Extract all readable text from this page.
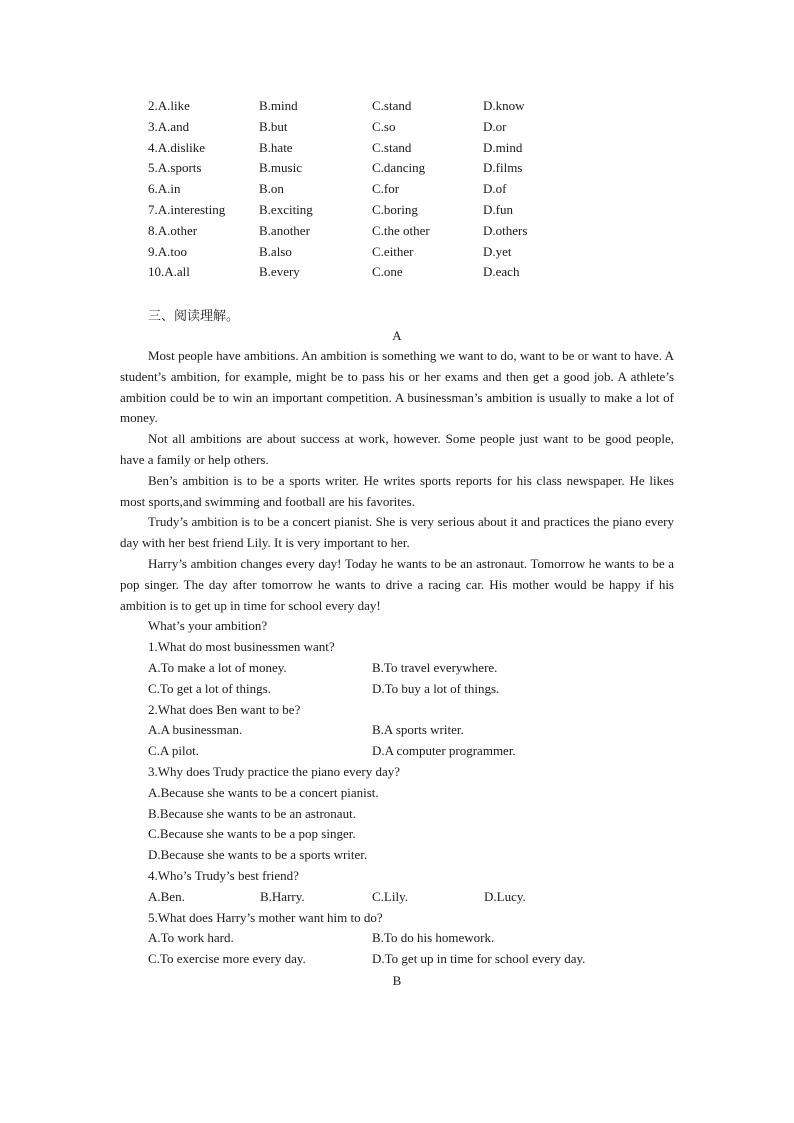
2.A.like	B.mind	C.stand	D.know
3.A.and	B.but	C.so	D.or
4.A.dislike	B.hate	C.stand	D.mind
5.A.sports	B.music	C.dancing	D.films
6.A.in	B.on	C.for	D.of
7.A.interesting	B.exciting	C.boring	D.fun
8.A.other	B.another	C.the other	D.others
9.A.too	B.also	C.either	D.yet
10.A.all	B.every	C.one	D.each
三、阅读理解。
A

Most people have ambitions. An ambition is something we want to do, want to be or want to have. A student’s ambition, for example, might be to pass his or her exams and then get a good job. A athlete’s ambition could be to win an important competition. A businessman’s ambition is usually to make a lot of money.

Not all ambitions are about success at work, however. Some people just want to be good people, have a family or help others.

Ben’s ambition is to be a sports writer. He writes sports reports for his class newspaper. He likes most sports,and swimming and football are his favorites.

Trudy’s ambition is to be a concert pianist. She is very serious about it and practices the piano every day with her best friend Lily. It is very important to her.

Harry’s ambition changes every day! Today he wants to be an astronaut. Tomorrow he wants to be a pop singer. The day after tomorrow he wants to drive a racing car. His mother would be happy if his ambition is to get up in time for school every day!

What’s your ambition?

1.What do most businessmen want?

A.To make a lot of money.	B.To travel everywhere.
C.To get a lot of things.	D.To buy a lot of things.

2.What does Ben want to be?

A.A businessman.	B.A sports writer.
C.A pilot.	D.A computer programmer.

3.Why does Trudy practice the piano every day?

A.Because she wants to be a concert pianist.
B.Because she wants to be an astronaut.
C.Because she wants to be a pop singer.
D.Because she wants to be a sports writer.

4.Who’s Trudy’s best friend?

A.Ben.	B.Harry.	C.Lily.	D.Lucy.

5.What does Harry’s mother want him to do?

A.To work hard.	B.To do his homework.
C.To exercise more every day.	D.To get up in time for school every day.
B
